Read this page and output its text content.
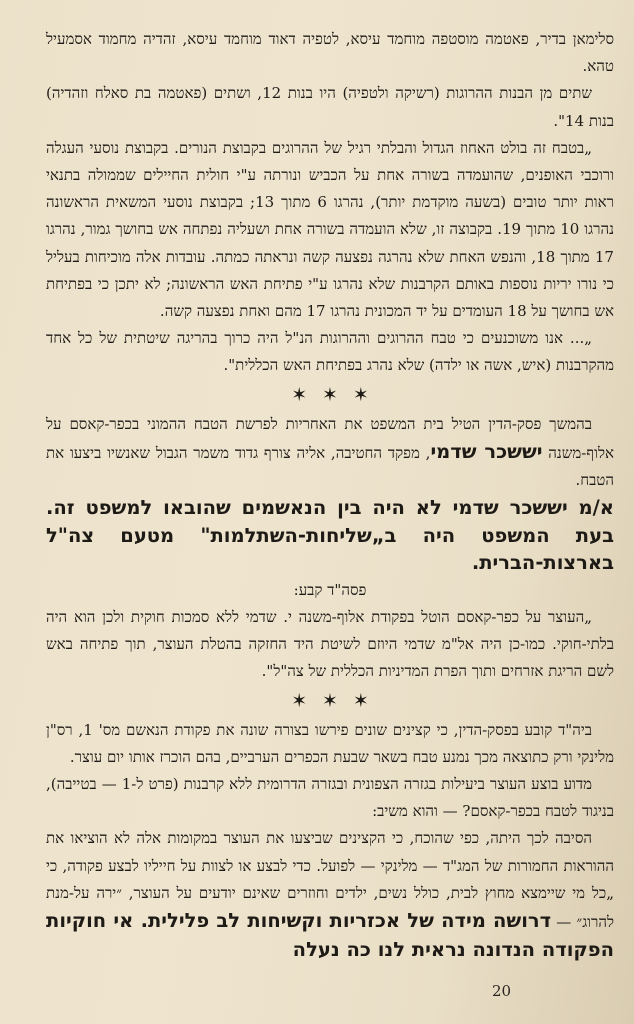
סלימאן בדיר, פאטמה מוסטפה מוחמד עיסא, לטפיה דאוד מוחמד עיסא, זהדיה מחמוד אסמעיל טהא.

שתים מן הבנות ההרוגות (רשיקה ולטפיה) היו בנות 12, ושתים (פאטמה בת סאלח וזהדיה) בנות 14".

„בטבח זה בולט האחוז הגדול והבלתי רגיל של ההרוגים בקבוצת הנורים. בקבוצת נוסעי העגלה ורוכבי האופנים, שהועמדה בשורה אחת על הכביש ונורתה ע"י חולית החיילים שממולה בתנאי ראות יותר טובים (בשעה מוקדמת יותר), נהרגו 6 מתוך 13; בקבוצת נוסעי המשאית הראשונה נהרגו 10 מתוך 19. בקבוצה זו, שלא הועמדה בשורה אחת ושעליה נפתחה אש בחושך גמור, נהרגו 17 מתוך 18, והנפש האחת שלא נהרגה נפצעה קשה ונראתה כמתה. עובדות אלה מוכיחות בעליל כי נורו יריות נוספות באותם הקרבנות שלא נהרגו ע"י פתיחת האש הראשונה; לא יתכן כי בפתיחת אש בחושך על 18 העומדים על יד המכונית נהרגו 17 מהם ואחת נפצעה קשה.

„... אנו משוכנעים כי טבח ההרוגים וההרוגות הנ"ל היה כרוך בהריגה שיטתית של כל אחד מהקרבנות (איש, אשה או ילדה) שלא נהרג בפתיחת האש הכללית".

✶ ✶ ✶

בהמשך פסק-הדין הטיל בית המשפט את האחריות לפרשת הטבח ההמוני בכפר-קאסם על אלוף-משנה יששכר שדמי, מפקד החטיבה, אליה צורף גדוד משמר הגבול שאנשיו ביצעו את הטבח.

א/מ יששכר שדמי לא היה בין הנאשמים שהובאו למשפט זה. בעת המשפט היה ב„שליחות-השתלמות" מטעם צה"ל בארצות-הברית.

פסה"ד קבע:

„העוצר על כפר-קאסם הוטל בפקודת אלוף-משנה י. שדמי ללא סמכות חוקית ולכן הוא היה בלתי-חוקי. כמו-כן היה אל"מ שדמי היוזם לשיטת היד החזקה בהטלת העוצר, תוך פתיחה באש לשם הריגת אזרחים ותוך הפרת המדיניות הכללית של צה"ל".

✶ ✶ ✶

ביה"ד קובע בפסק-הדין, כי קצינים שונים פירשו בצורה שונה את פקודת הנאשם מס' 1, רס"ן מלינקי ורק כתוצאה מכך נמנע טבח בשאר שבעת הכפרים הערביים, בהם הוכרז אותו יום עוצר.

מדוע בוצע העוצר ביעילות בגזרה הצפונית ובגזרה הדרומית ללא קרבנות (פרט ל-1 — בטייבה), בניגוד לטבח בכפר-קאסם? — והוא משיב:

הסיבה לכך היתה, כפי שהוכח, כי הקצינים שביצעו את העוצר במקומות אלה לא הוציאו את ההוראות החמורות של המג"ד — מלינקי — לפועל. כדי לבצע או לצוות על חייליו לבצע פקודה, כי „כל מי שיימצא מחוץ לבית, כולל נשים, ילדים וחוזרים שאינם יודעים על העוצר, ״ירה על-מנת להרוג״ — דרושה מידה של אכזריות וקשיחות לב פלילית. אי חוקיות הפקודה הנדונה נראית לנו כה נעלה

20
